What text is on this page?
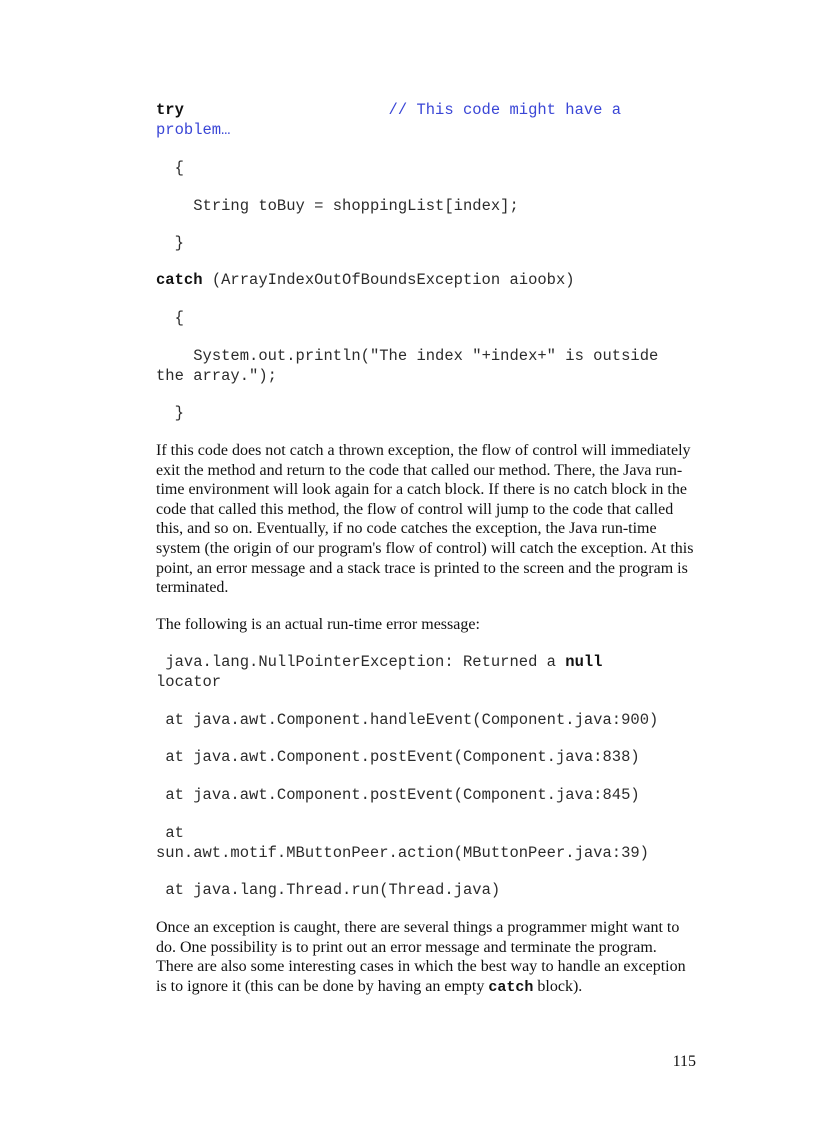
try	// This code might have a problem…
{
String toBuy = shoppingList[index];
}
catch (ArrayIndexOutOfBoundsException aioobx)
{
System.out.println("The index "+index+" is outside the array.");
}

If this code does not catch a thrown exception, the flow of control will immediately exit the method and return to the code that called our method. There, the Java run-time environment will look again for a catch block. If there is no catch block in the code that called this method, the flow of control will jump to the code that called this, and so on. Eventually, if no code catches the exception, the Java run-time system (the origin of our program's flow of control) will catch the exception. At this point, an error message and a stack trace is printed to the screen and the program is terminated.

The following is an actual run-time error message:

java.lang.NullPointerException: Returned a null locator
at java.awt.Component.handleEvent(Component.java:900)
at java.awt.Component.postEvent(Component.java:838)
at java.awt.Component.postEvent(Component.java:845)
at sun.awt.motif.MButtonPeer.action(MButtonPeer.java:39)
at java.lang.Thread.run(Thread.java)

Once an exception is caught, there are several things a programmer might want to do. One possibility is to print out an error message and terminate the program. There are also some interesting cases in which the best way to handle an exception is to ignore it (this can be done by having an empty catch block).

115
